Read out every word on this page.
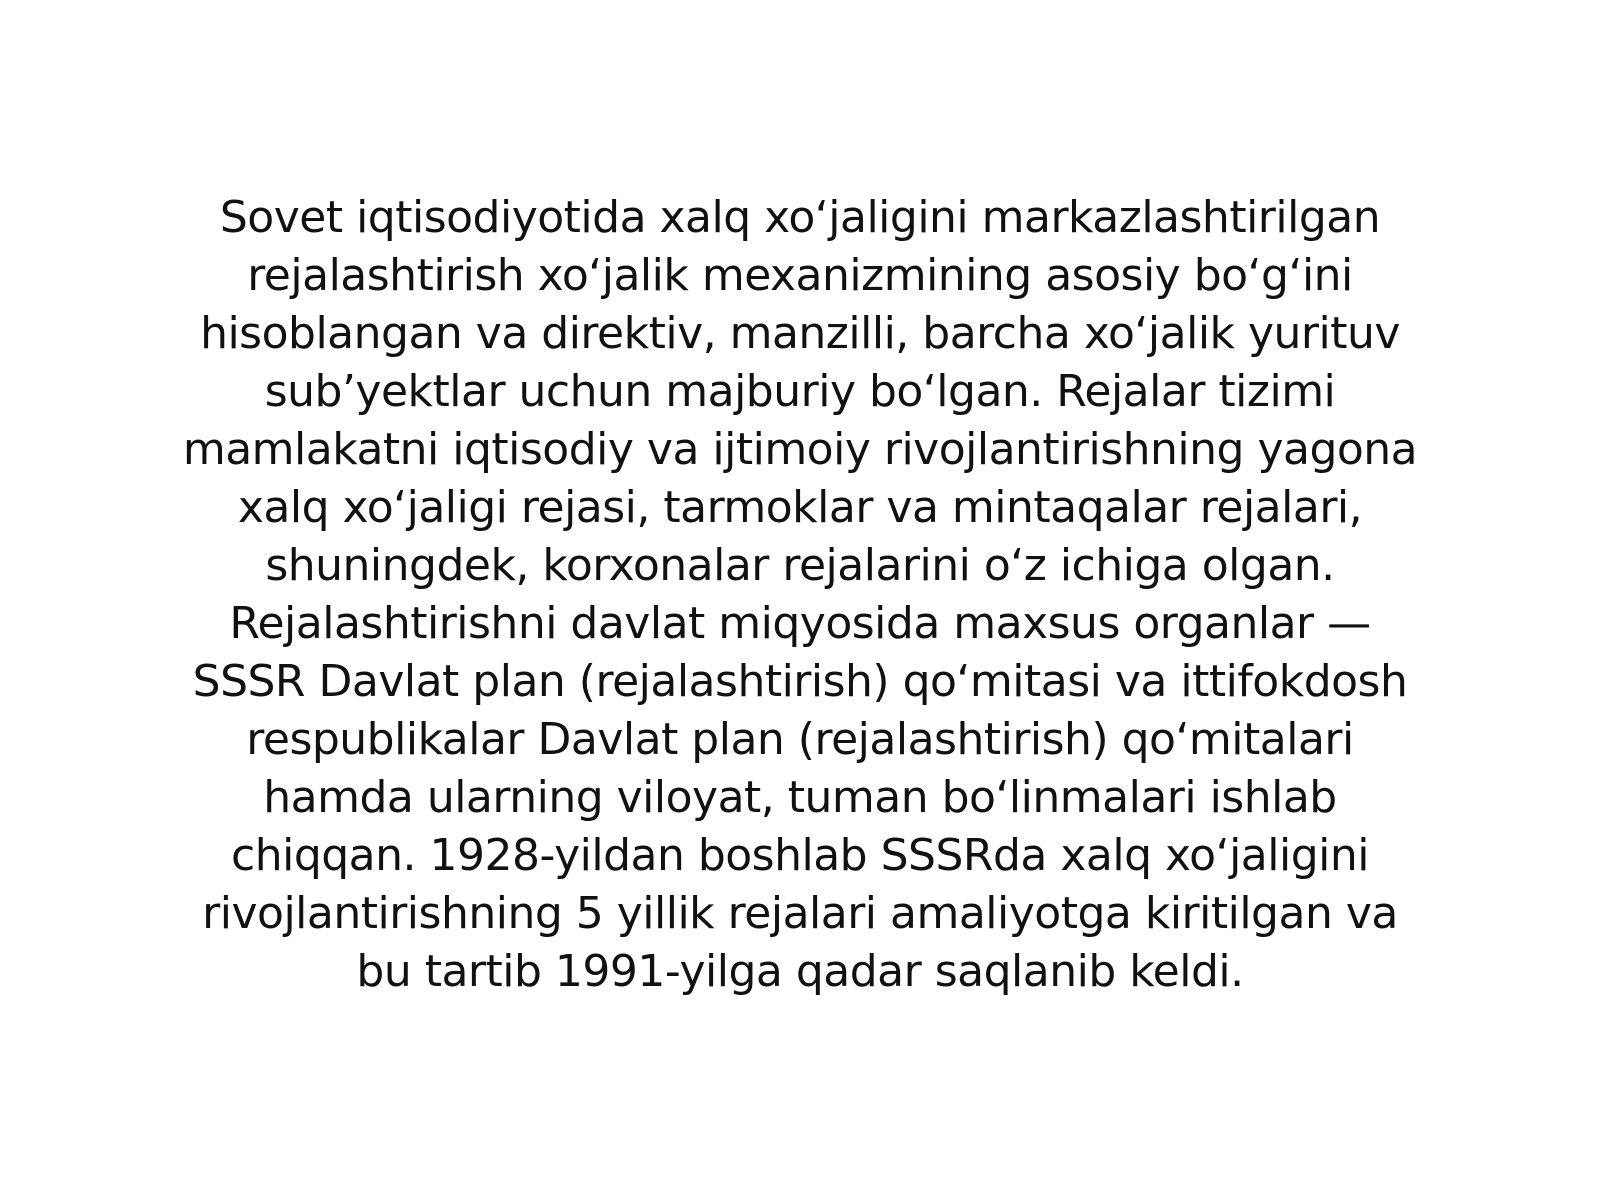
Sovet iqtisodiyotida xalq xoʻjaligini markazlashtirilgan
rejalashtirish xoʻjalik mexanizmining asosiy boʻgʻini
hisoblangan va direktiv, manzilli, barcha xoʻjalik yurituv
subʼyektlar uchun majburiy boʻlgan. Rejalar tizimi
mamlakatni iqtisodiy va ijtimoiy rivojlantirishning yagona
xalq xoʻjaligi rejasi, tarmoklar va mintaqalar rejalari,
shuningdek, korxonalar rejalarini oʻz ichiga olgan.
Rejalashtirishni davlat miqyosida maxsus organlar —
SSSR Davlat plan (rejalashtirish) qoʻmitasi va ittifokdosh
respublikalar Davlat plan (rejalashtirish) qoʻmitalari
hamda ularning viloyat, tuman boʻlinmalari ishlab
chiqqan. 1928-yildan boshlab SSSRda xalq xoʻjaligini
rivojlantirishning 5 yillik rejalari amaliyotga kiritilgan va
bu tartib 1991-yilga qadar saqlanib keldi.
